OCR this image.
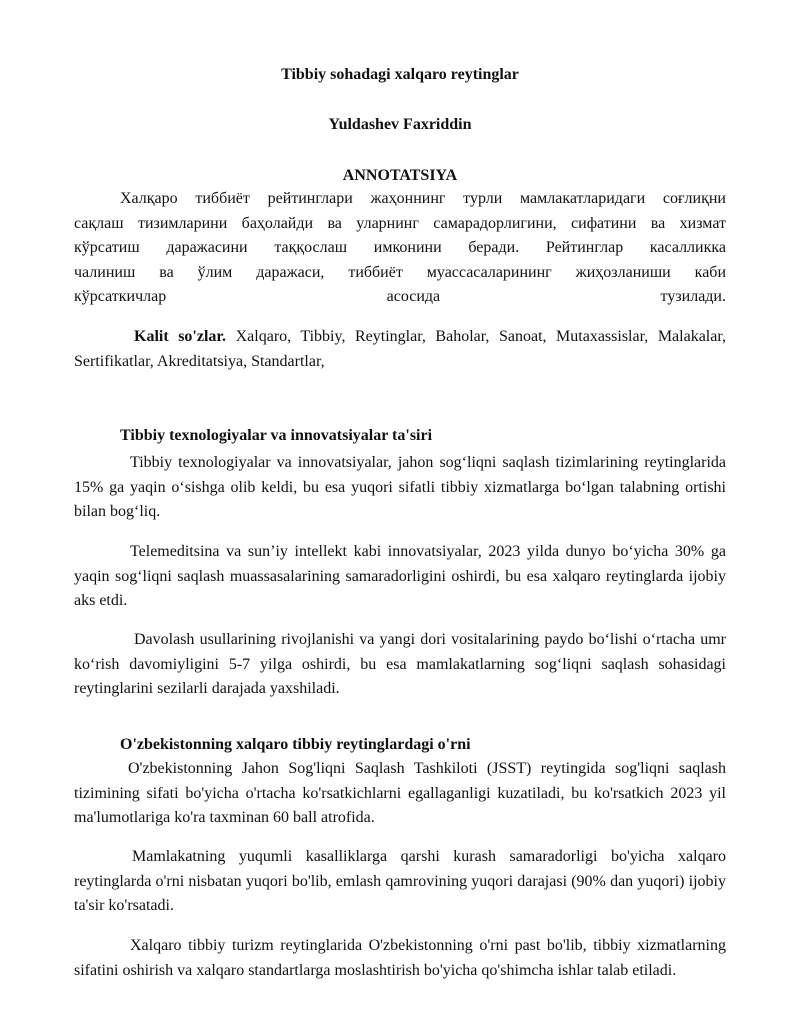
Tibbiy sohadagi xalqaro reytinglar
Yuldashev Faxriddin
ANNOTATSIYA
Халқаро тиббиёт рейтинглари жаҳоннинг турли мамлакатларидаги соғлиқни
сақлаш тизимларини баҳолайди ва уларнинг самарадорлигини, сифатини ва хизмат
кўрсатиш даражасини таққослаш имконини беради. Рейтинглар касалликка
чалиниш ва ўлим даражаси, тиббиёт муассасаларининг жиҳозланиши каби
кўрсаткичлар асосида тузилади.
Kalit so'zlar. Xalqaro, Tibbiy, Reytinglar, Baholar, Sanoat, Mutaxassislar, Malakalar, Sertifikatlar, Akreditatsiya, Standartlar,
Tibbiy texnologiyalar va innovatsiyalar ta'siri
Tibbiy texnologiyalar va innovatsiyalar, jahon sog‘liqni saqlash tizimlarining reytinglarida 15% ga yaqin o‘sishga olib keldi, bu esa yuqori sifatli tibbiy xizmatlarga bo‘lgan talabning ortishi bilan bog‘liq.
Telemeditsina va sun’iy intellekt kabi innovatsiyalar, 2023 yilda dunyo bo‘yicha 30% ga yaqin sog‘liqni saqlash muassasalarining samaradorligini oshirdi, bu esa xalqaro reytinglarda ijobiy aks etdi.
Davolash usullarining rivojlanishi va yangi dori vositalarining paydo bo‘lishi o‘rtacha umr ko‘rish davomiyligini 5-7 yilga oshirdi, bu esa mamlakatlarning sog‘liqni saqlash sohasidagi reytinglarini sezilarli darajada yaxshiladi.
O'zbekistonning xalqaro tibbiy reytinglardagi o'rni
O'zbekistonning Jahon Sog'liqni Saqlash Tashkiloti (JSST) reytingida sog'liqni saqlash tizimining sifati bo'yicha o'rtacha ko'rsatkichlarni egallaganligi kuzatiladi, bu ko'rsatkich 2023 yil ma'lumotlariga ko'ra taxminan 60 ball atrofida.
Mamlakatning yuqumli kasalliklarga qarshi kurash samaradorligi bo'yicha xalqaro reytinglarda o'rni nisbatan yuqori bo'lib, emlash qamrovining yuqori darajasi (90% dan yuqori) ijobiy ta'sir ko'rsatadi.
Xalqaro tibbiy turizm reytinglarida O'zbekistonning o'rni past bo'lib, tibbiy xizmatlarning sifatini oshirish va xalqaro standartlarga moslashtirish bo'yicha qo'shimcha ishlar talab etiladi.
